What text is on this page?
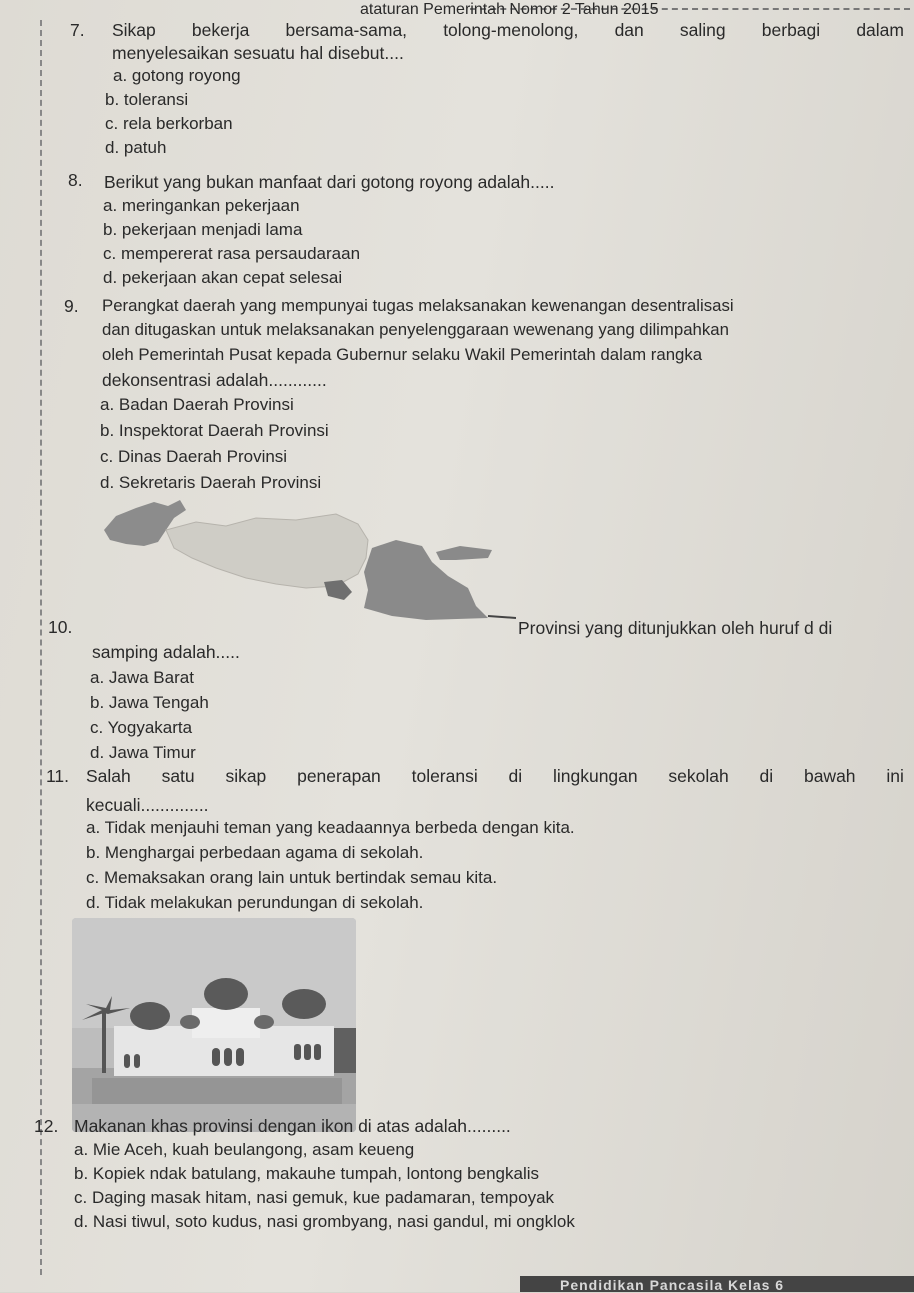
ataturan Pemerintah Nomor 2 Tahun 2015
7. Sikap bekerja bersama-sama, tolong-menolong, dan saling berbagi dalam
menyelesaikan sesuatu hal disebut....
a. gotong royong
b. toleransi
c. rela berkorban
d. patuh
8. Berikut yang bukan manfaat dari gotong royong adalah.....
a. meringankan pekerjaan
b. pekerjaan menjadi lama
c. mempererat rasa persaudaraan
d. pekerjaan akan cepat selesai
9. Perangkat daerah yang mempunyai tugas melaksanakan kewenangan desentralisasi
dan ditugaskan untuk melaksanakan penyelenggaraan wewenang yang dilimpahkan
oleh Pemerintah Pusat kepada Gubernur selaku Wakil Pemerintah dalam rangka
dekonsentrasi adalah............
a. Badan Daerah Provinsi
b. Inspektorat Daerah Provinsi
c. Dinas Daerah Provinsi
d. Sekretaris Daerah Provinsi
10.	Provinsi yang ditunjukkan oleh huruf d di
samping adalah.....
a. Jawa Barat
b. Jawa Tengah
c. Yogyakarta
d. Jawa Timur
11. Salah satu sikap penerapan toleransi di lingkungan sekolah di bawah ini
kecuali..............
a. Tidak menjauhi teman yang keadaannya berbeda dengan kita.
b. Menghargai perbedaan agama di sekolah.
c. Memaksakan orang lain untuk bertindak semau kita.
d. Tidak melakukan perundungan di sekolah.
12. Makanan khas provinsi dengan ikon di atas adalah.........
a. Mie Aceh, kuah beulangong, asam keueng
b. Kopiek ndak batulang, makauhe tumpah, lontong bengkalis
c. Daging masak hitam, nasi gemuk, kue padamaran, tempoyak
d. Nasi tiwul, soto kudus, nasi grombyang, nasi gandul, mi ongklok
Pendidikan Pancasila Kelas 6
